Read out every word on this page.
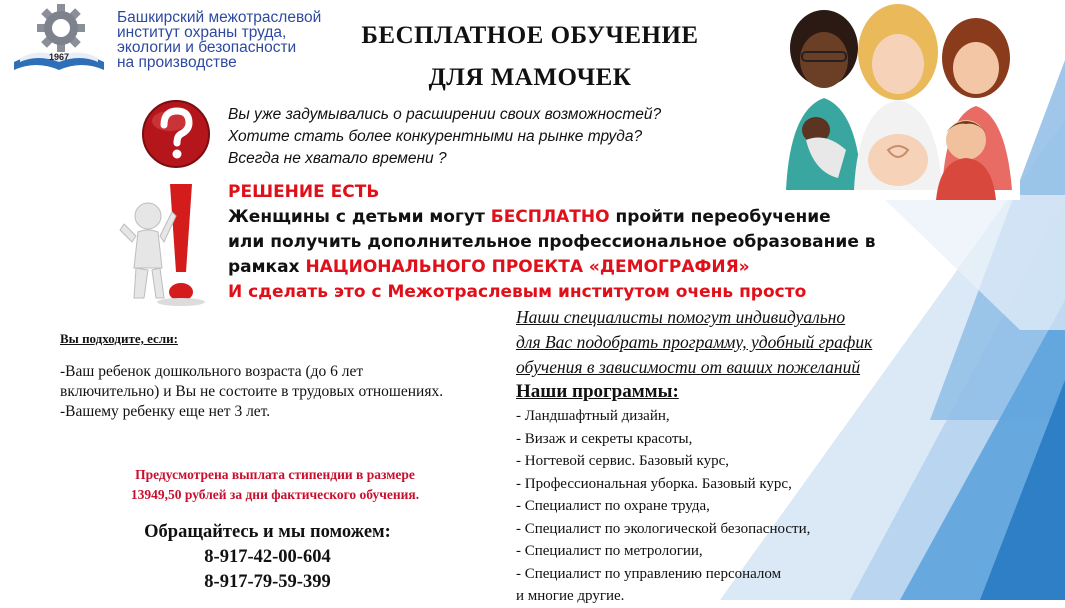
1967
Башкирский межотраслевой
институт охраны труда,
экологии и безопасности
на производстве
БЕСПЛАТНОЕ ОБУЧЕНИЕ
ДЛЯ МАМОЧЕК
Вы уже задумывались о расширении своих возможностей?
Хотите стать более конкурентными на рынке труда?
Всегда не хватало времени ?
РЕШЕНИЕ ЕСТЬ
Женщины с детьми могут БЕСПЛАТНО пройти переобучение
или получить дополнительное профессиональное образование в
рамках НАЦИОНАЛЬНОГО ПРОЕКТА «ДЕМОГРАФИЯ»
И сделать это с Межотраслевым институтом очень просто
Вы подходите, если:
-Ваш ребенок дошкольного возраста (до 6 лет включительно) и Вы не состоите в трудовых отношениях.
-Вашему ребенку еще нет 3 лет.
Предусмотрена выплата стипендии в размере
13949,50 рублей за дни фактического обучения.
Обращайтесь и мы поможем:
8-917-42-00-604
8-917-79-59-399
Наши специалисты помогут индивидуально
для Вас подобрать программу, удобный график
обучения в зависимости от ваших пожеланий
Наши программы:
- Ландшафтный дизайн,
- Визаж и секреты красоты,
- Ногтевой сервис. Базовый курс,
- Профессиональная уборка. Базовый курс,
- Специалист по охране труда,
- Специалист по экологической безопасности,
- Специалист по метрологии,
- Специалист по управлению персоналом
и многие другие.
